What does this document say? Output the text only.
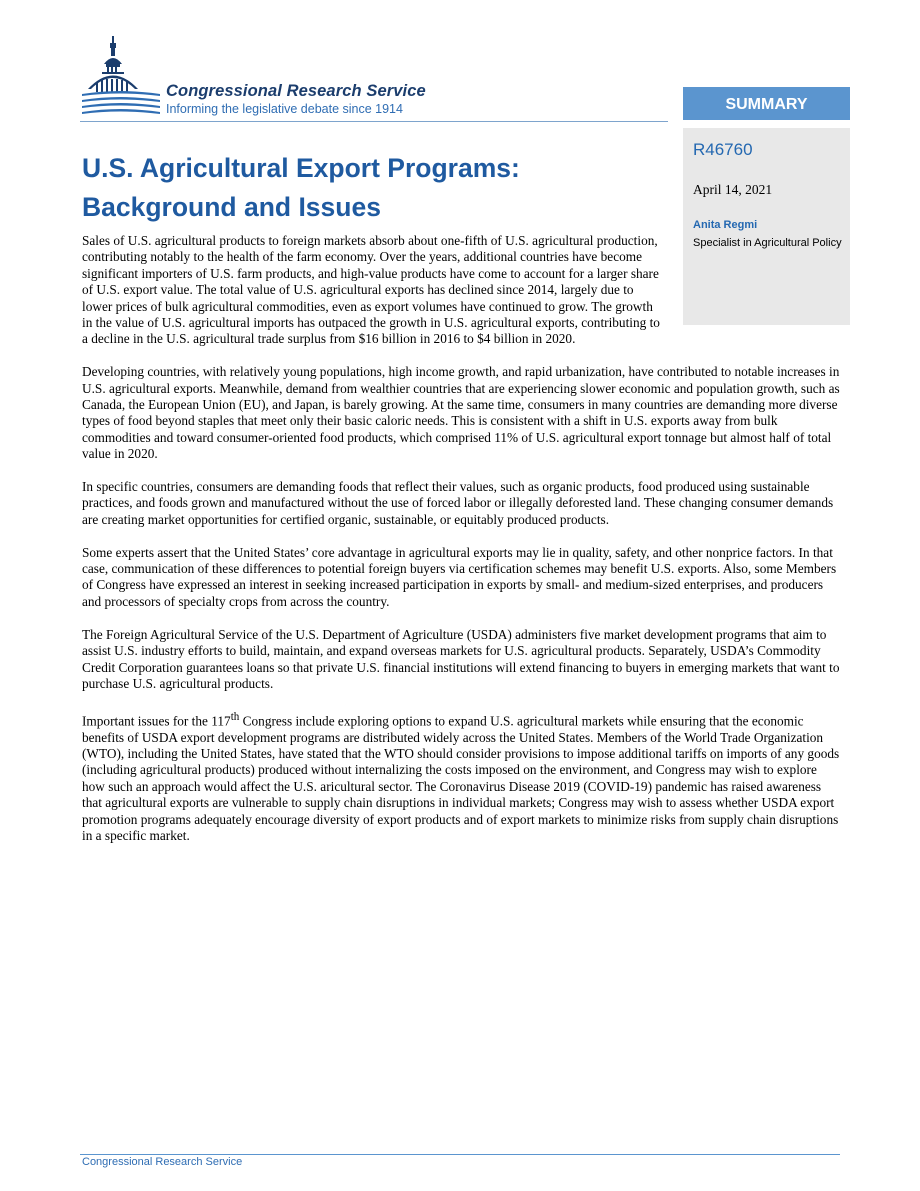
Congressional Research Service
Informing the legislative debate since 1914	SUMMARY
R46760
April 14, 2021
Anita Regmi
Specialist in Agricultural Policy
U.S. Agricultural Export Programs:
Background and Issues

Sales of U.S. agricultural products to foreign markets absorb about one-fifth of U.S. agricultural production, contributing notably to the health of the farm economy. Over the years, additional countries have become significant importers of U.S. farm products, and high-value products have come to account for a larger share of U.S. export value. The total value of U.S. agricultural exports has declined since 2014, largely due to lower prices of bulk agricultural commodities, even as export volumes have continued to grow. The growth in the value of U.S. agricultural imports has outpaced the growth in U.S. agricultural exports, contributing to a decline in the U.S. agricultural trade surplus from $16 billion in 2016 to $4 billion in 2020.

Developing countries, with relatively young populations, high income growth, and rapid urbanization, have contributed to notable increases in U.S. agricultural exports. Meanwhile, demand from wealthier countries that are experiencing slower economic and population growth, such as Canada, the European Union (EU), and Japan, is barely growing. At the same time, consumers in many countries are demanding more diverse types of food beyond staples that meet only their basic caloric needs. This is consistent with a shift in U.S. exports away from bulk commodities and toward consumer-oriented food products, which comprised 11% of U.S. agricultural export tonnage but almost half of total value in 2020.

In specific countries, consumers are demanding foods that reflect their values, such as organic products, food produced using sustainable practices, and foods grown and manufactured without the use of forced labor or illegally deforested land. These changing consumer demands are creating market opportunities for certified organic, sustainable, or equitably produced products.

Some experts assert that the United States’ core advantage in agricultural exports may lie in quality, safety, and other nonprice factors. In that case, communication of these differences to potential foreign buyers via certification schemes may benefit U.S. exports. Also, some Members of Congress have expressed an interest in seeking increased participation in exports by small- and medium-sized enterprises, and producers and processors of specialty crops from across the country.

The Foreign Agricultural Service of the U.S. Department of Agriculture (USDA) administers five market development programs that aim to assist U.S. industry efforts to build, maintain, and expand overseas markets for U.S. agricultural products. Separately, USDA’s Commodity Credit Corporation guarantees loans so that private U.S. financial institutions will extend financing to buyers in emerging markets that want to purchase U.S. agricultural products.

Important issues for the 117th Congress include exploring options to expand U.S. agricultural markets while ensuring that the economic benefits of USDA export development programs are distributed widely across the United States. Members of the World Trade Organization (WTO), including the United States, have stated that the WTO should consider provisions to impose additional tariffs on imports of any goods (including agricultural products) produced without internalizing the costs imposed on the environment, and Congress may wish to explore how such an approach would affect the U.S. aricultural sector. The Coronavirus Disease 2019 (COVID-19) pandemic has raised awareness that agricultural exports are vulnerable to supply chain disruptions in individual markets; Congress may wish to assess whether USDA export promotion programs adequately encourage diversity of export products and of export markets to minimize risks from supply chain disruptions in a specific market.

Congressional Research Service
